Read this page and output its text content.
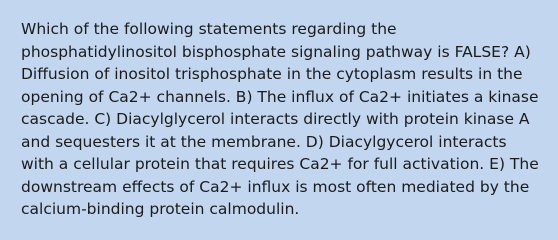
Which of the following statements regarding the phosphatidylinositol bisphosphate signaling pathway is FALSE? A) Diffusion of inositol trisphosphate in the cytoplasm results in the opening of Ca2+ channels. B) The influx of Ca2+ initiates a kinase cascade. C) Diacylglycerol interacts directly with protein kinase A and sequesters it at the membrane. D) Diacylgycerol interacts with a cellular protein that requires Ca2+ for full activation. E) The downstream effects of Ca2+ influx is most often mediated by the calcium-binding protein calmodulin.
